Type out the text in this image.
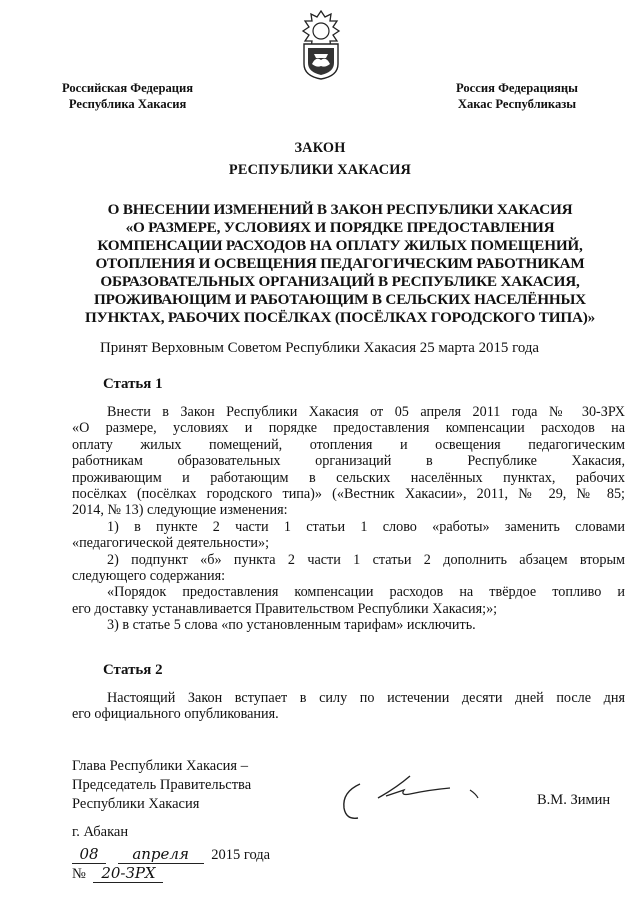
Российская Федерация
Республика Хакасия
Россия Федерацияңы
Хакас Республиказы
ЗАКОН
РЕСПУБЛИКИ ХАКАСИЯ
О ВНЕСЕНИИ ИЗМЕНЕНИЙ В ЗАКОН РЕСПУБЛИКИ ХАКАСИЯ
«О РАЗМЕРЕ, УСЛОВИЯХ И ПОРЯДКЕ ПРЕДОСТАВЛЕНИЯ
КОМПЕНСАЦИИ РАСХОДОВ НА ОПЛАТУ ЖИЛЫХ ПОМЕЩЕНИЙ,
ОТОПЛЕНИЯ И ОСВЕЩЕНИЯ ПЕДАГОГИЧЕСКИМ РАБОТНИКАМ
ОБРАЗОВАТЕЛЬНЫХ ОРГАНИЗАЦИЙ В РЕСПУБЛИКЕ ХАКАСИЯ,
ПРОЖИВАЮЩИМ И РАБОТАЮЩИМ В СЕЛЬСКИХ НАСЕЛЁННЫХ
ПУНКТАХ, РАБОЧИХ ПОСЁЛКАХ (ПОСЁЛКАХ ГОРОДСКОГО ТИПА)»
Принят Верховным Советом Республики Хакасия 25 марта 2015 года
Статья 1
Внести в Закон Республики Хакасия от 05 апреля 2011 года № 30-ЗРХ
«О размере, условиях и порядке предоставления компенсации расходов на
оплату жилых помещений, отопления и освещения педагогическим
работникам образовательных организаций в Республике Хакасия,
проживающим и работающим в сельских населённых пунктах, рабочих
посёлках (посёлках городского типа)» («Вестник Хакасии», 2011, № 29, № 85;
2014, № 13) следующие изменения:
1) в пункте 2 части 1 статьи 1 слово «работы» заменить словами
«педагогической деятельности»;
2) подпункт «б» пункта 2 части 1 статьи 2 дополнить абзацем вторым
следующего содержания:
«Порядок предоставления компенсации расходов на твёрдое топливо и
его доставку устанавливается Правительством Республики Хакасия;»;
3) в статье 5 слова «по установленным тарифам» исключить.
Статья 2
Настоящий Закон вступает в силу по истечении десяти дней после дня
его официального опубликования.
Глава Республики Хакасия –
Председатель Правительства
Республики Хакасия	В.М. Зимин
г. Абакан
08 апреля 2015 года
№ 20-ЗРХ
